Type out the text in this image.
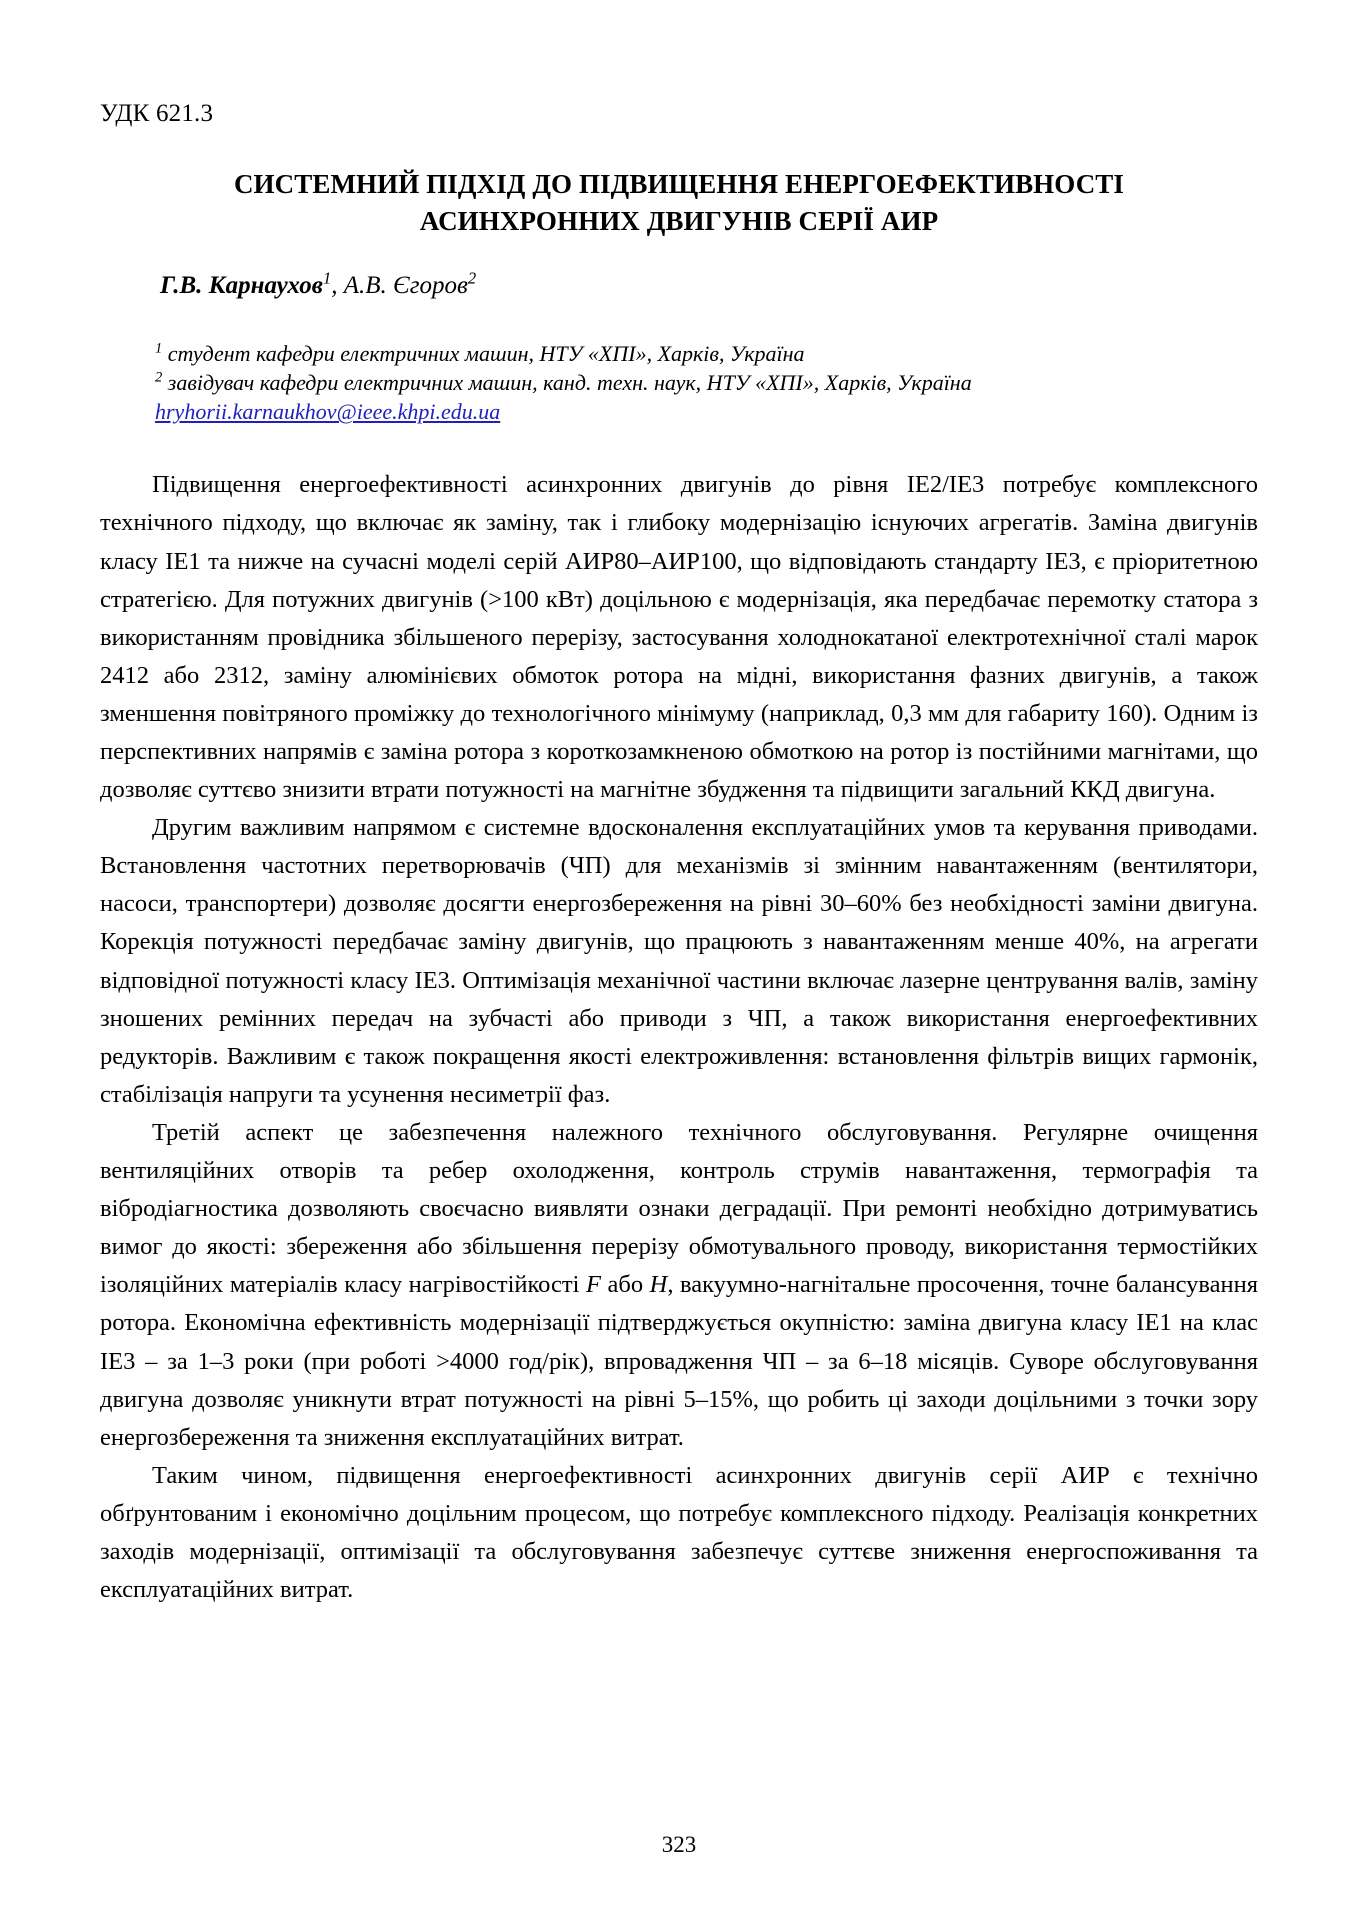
УДК 621.3
СИСТЕМНИЙ ПІДХІД ДО ПІДВИЩЕННЯ ЕНЕРГОЕФЕКТИВНОСТІ
АСИНХРОННИХ ДВИГУНІВ СЕРІЇ АИР
Г.В. Карнаухов$^1$, А.В. Єгоров$^2$
$^1$ студент кафедри електричних машин, НТУ «ХПІ», Харків, Україна
$^2$ завідувач кафедри електричних машин, канд. техн. наук, НТУ «ХПІ», Харків, Україна
hryhorii.karnaukhov@ieee.khpi.edu.ua

Підвищення енергоефективності асинхронних двигунів до рівня IE2/IE3 потребує комплексного технічного підходу, що включає як заміну, так і глибоку модернізацію існуючих агрегатів. Заміна двигунів класу IE1 та нижче на сучасні моделі серій АИР80–АИР100, що відповідають стандарту IE3, є пріоритетною стратегією. Для потужних двигунів (>100 кВт) доцільною є модернізація, яка передбачає перемотку статора з використанням провідника збільшеного перерізу, застосування холоднокатаної електротехнічної сталі марок 2412 або 2312, заміну алюмінієвих обмоток ротора на мідні, використання фазних двигунів, а також зменшення повітряного проміжку до технологічного мінімуму (наприклад, 0,3 мм для габариту 160). Одним із перспективних напрямів є заміна ротора з короткозамкненою обмоткою на ротор із постійними магнітами, що дозволяє суттєво знизити втрати потужності на магнітне збудження та підвищити загальний ККД двигуна.

Другим важливим напрямом є системне вдосконалення експлуатаційних умов та керування приводами. Встановлення частотних перетворювачів (ЧП) для механізмів зі змінним навантаженням (вентилятори, насоси, транспортери) дозволяє досягти енергозбереження на рівні 30–60% без необхідності заміни двигуна. Корекція потужності передбачає заміну двигунів, що працюють з навантаженням менше 40%, на агрегати відповідної потужності класу IE3. Оптимізація механічної частини включає лазерне центрування валів, заміну зношених ремінних передач на зубчасті або приводи з ЧП, а також використання енергоефективних редукторів. Важливим є також покращення якості електроживлення: встановлення фільтрів вищих гармонік, стабілізація напруги та усунення несиметрії фаз.

Третій аспект це забезпечення належного технічного обслуговування. Регулярне очищення вентиляційних отворів та ребер охолодження, контроль струмів навантаження, термографія та вібродіагностика дозволяють своєчасно виявляти ознаки деградації. При ремонті необхідно дотримуватись вимог до якості: збереження або збільшення перерізу обмотувального проводу, використання термостійких ізоляційних матеріалів класу нагрівостійкості F або H, вакуумно-нагнітальне просочення, точне балансування ротора. Економічна ефективність модернізації підтверджується окупністю: заміна двигуна класу IE1 на клас IE3 – за 1–3 роки (при роботі >4000 год/рік), впровадження ЧП – за 6–18 місяців. Суворе обслуговування двигуна дозволяє уникнути втрат потужності на рівні 5–15%, що робить ці заходи доцільними з точки зору енергозбереження та зниження експлуатаційних витрат.

Таким чином, підвищення енергоефективності асинхронних двигунів серії АИР є технічно обґрунтованим і економічно доцільним процесом, що потребує комплексного підходу. Реалізація конкретних заходів модернізації, оптимізації та обслуговування забезпечує суттєве зниження енергоспоживання та експлуатаційних витрат.

323
